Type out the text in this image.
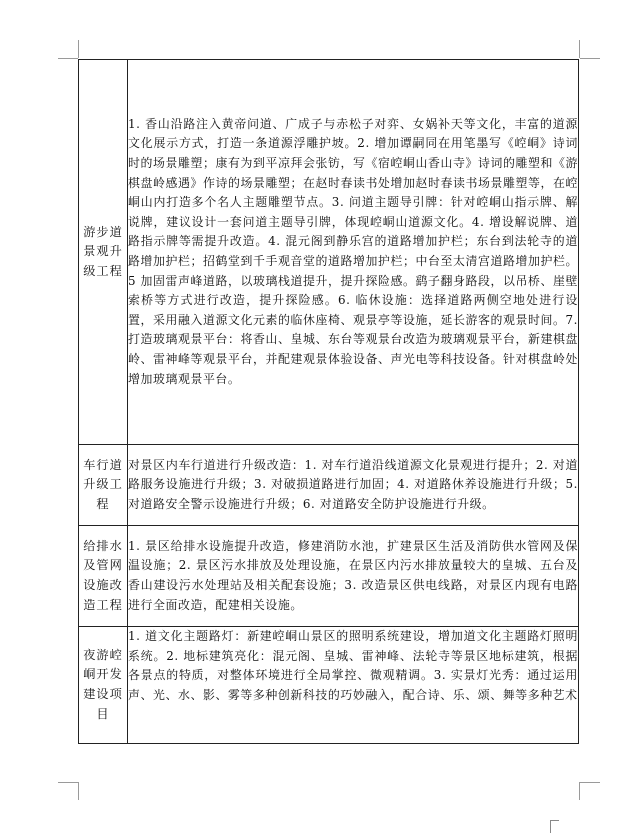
游步道景观升级工程	1. 香山沿路注入黄帝问道、广成子与赤松子对弈、女娲补天等文化，丰富的道源文化展示方式，打造一条道源浮雕护坡。2. 增加谭嗣同在用笔墨写《崆峒》诗词时的场景雕塑；康有为到平凉拜会张钫，写《宿崆峒山香山寺》诗词的雕塑和《游棋盘岭感遇》作诗的场景雕塑；在赵时春读书处增加赵时春读书场景雕塑等，在崆峒山内打造多个名人主题雕塑节点。3. 问道主题导引牌：针对崆峒山指示牌、解说牌，建议设计一套问道主题导引牌，体现崆峒山道源文化。4. 增设解说牌、道路指示牌等需提升改造。4. 混元阁到静乐宫的道路增加护栏；东台到法轮寺的道路增加护栏；招鹤堂到千手观音堂的道路增加护栏；中台至太清宫道路增加护栏。5 加固雷声峰道路，以玻璃栈道提升，提升探险感。鹞子翻身路段，以吊桥、崖壁索桥等方式进行改造，提升探险感。6. 临休设施：选择道路两侧空地处进行设置，采用融入道源文化元素的临休座椅、观景亭等设施，延长游客的观景时间。7. 打造玻璃观景平台：将香山、皇城、东台等观景台改造为玻璃观景平台，新建棋盘岭、雷神峰等观景平台，并配建观景体验设备、声光电等科技设备。针对棋盘岭处增加玻璃观景平台。
车行道升级工程	对景区内车行道进行升级改造：1. 对车行道沿线道源文化景观进行提升；2. 对道路服务设施进行升级；3. 对破损道路进行加固；4. 对道路休养设施进行升级；5. 对道路安全警示设施进行升级；6. 对道路安全防护设施进行升级。
给排水及管网设施改造工程	1. 景区给排水设施提升改造，修建消防水池，扩建景区生活及消防供水管网及保温设施；2. 景区污水排放及处理设施，在景区内污水排放量较大的皇城、五台及香山建设污水处理站及相关配套设施；3. 改造景区供电线路，对景区内现有电路进行全面改造，配建相关设施。
夜游崆峒开发建设项目	1. 道文化主题路灯：新建崆峒山景区的照明系统建设，增加道文化主题路灯照明系统。2. 地标建筑亮化：混元阁、皇城、雷神峰、法轮寺等景区地标建筑，根据各景点的特质，对整体环境进行全局掌控、微观精调。3. 实景灯光秀：通过运用声、光、水、影、雾等多种创新科技的巧妙融入，配合诗、乐、颂、舞等多种艺术
